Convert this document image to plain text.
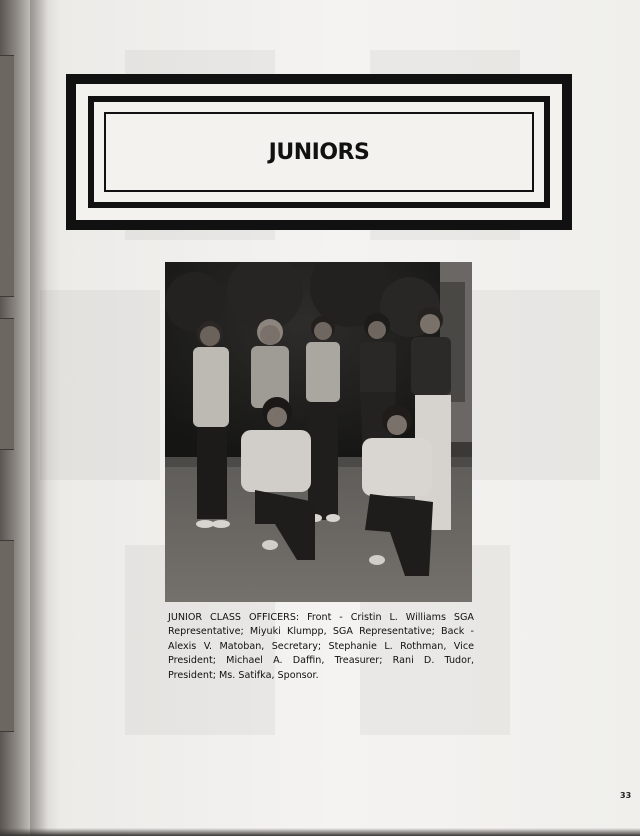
JUNIORS
JUNIOR CLASS OFFICERS: Front - Cristin L. Williams SGA Representative; Miyuki Klumpp, SGA Representative; Back - Alexis V. Matoban, Secretary; Stephanie L. Rothman, Vice President; Michael A. Daffin, Treasurer; Rani D. Tudor, President; Ms. Satifka, Sponsor.
33
